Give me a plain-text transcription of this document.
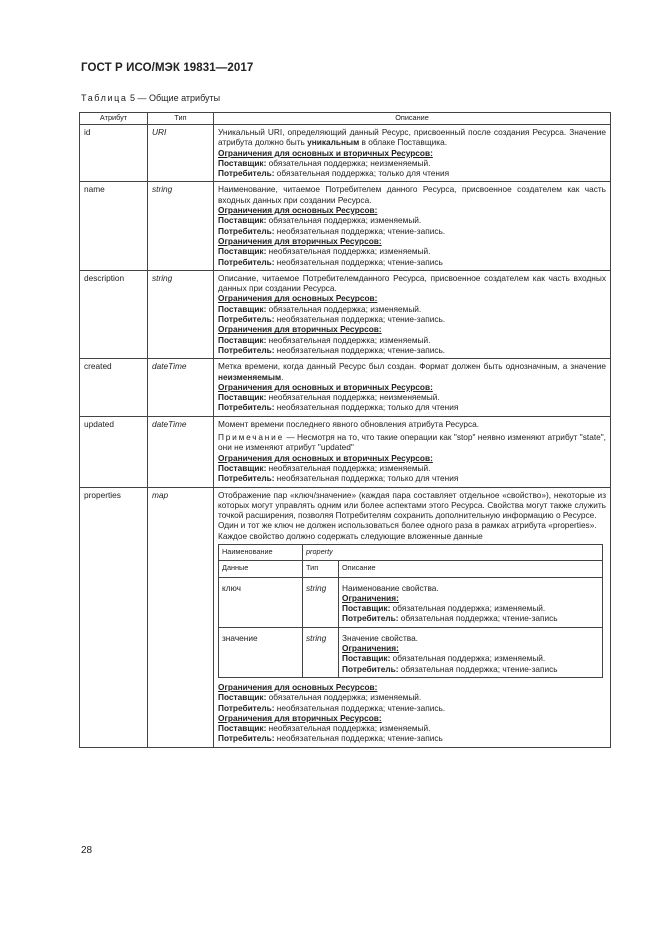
ГОСТ Р ИСО/МЭК 19831—2017
Таблица 5 — Общие атрибуты
Атрибут	Тип	Описание
id	URI	Уникальный URI, определяющий данный Ресурс, присвоенный после создания Ресурса. Значение атрибута должно быть уникальным в облаке Поставщика.
Ограничения для основных и вторичных Ресурсов:
Поставщик: обязательная поддержка; неизменяемый.
Потребитель: обязательная поддержка; только для чтения

name	string	Наименование, читаемое Потребителем данного Ресурса, присвоенное создателем как часть входных данных при создании Ресурса.
Ограничения для основных Ресурсов:
Поставщик: обязательная поддержка; изменяемый.
Потребитель: необязательная поддержка; чтение-запись.
Ограничения для вторичных Ресурсов:
Поставщик: необязательная поддержка; изменяемый.
Потребитель: необязательная поддержка; чтение-запись

description	string	Описание, читаемое Потребителемданного Ресурса, присвоенное создателем как часть входных данных при создании Ресурса.
Ограничения для основных Ресурсов:
Поставщик: обязательная поддержка; изменяемый.
Потребитель: необязательная поддержка; чтение-запись.
Ограничения для вторичных Ресурсов:
Поставщик: необязательная поддержка; изменяемый.
Потребитель: необязательная поддержка; чтение-запись.

created	dateTime	Метка времени, когда данный Ресурс был создан. Формат должен быть однозначным, а значение неизменяемым.
Ограничения для основных и вторичных Ресурсов:
Поставщик: необязательная поддержка; неизменяемый.
Потребитель: необязательная поддержка; только для чтения

updated	dateTime	Момент времени последнего явного обновления атрибута Ресурса.
Примечание — Несмотря на то, что такие операции как "stop" неявно изменяют атрибут "state", они не изменяют атрибут "updated"
Ограничения для основных и вторичных Ресурсов:
Поставщик: необязательная поддержка; изменяемый.
Потребитель: необязательная поддержка; только для чтения

properties	map	Отображение пар «ключ/значение» (каждая пара составляет отдельное «свойство»), некоторые из которых могут управлять одним или более аспектами этого Ресурса. Свойства могут также служить точкой расширения, позволяя Потребителям сохранить дополнительную информацию о Ресурсе.
Один и тот же ключ не должен использоваться более одного раза в рамках атрибута «properties».
Каждое свойство должно содержать следующие вложенные данные
Наименование	property
Данные	Тип	Описание
ключ	string	Наименование свойства.
Ограничения:
Поставщик: обязательная поддержка; изменяемый.
Потребитель: обязательная поддержка; чтение-запись

значение	string	Значение свойства.
Ограничения:
Поставщик: обязательная поддержка; изменяемый.
Потребитель: обязательная поддержка; чтение-запись
Ограничения для основных Ресурсов:
Поставщик: обязательная поддержка; изменяемый.
Потребитель: необязательная поддержка; чтение-запись.
Ограничения для вторичных Ресурсов:
Поставщик: необязательная поддержка; изменяемый.
Потребитель: необязательная поддержка; чтение-запись
28
